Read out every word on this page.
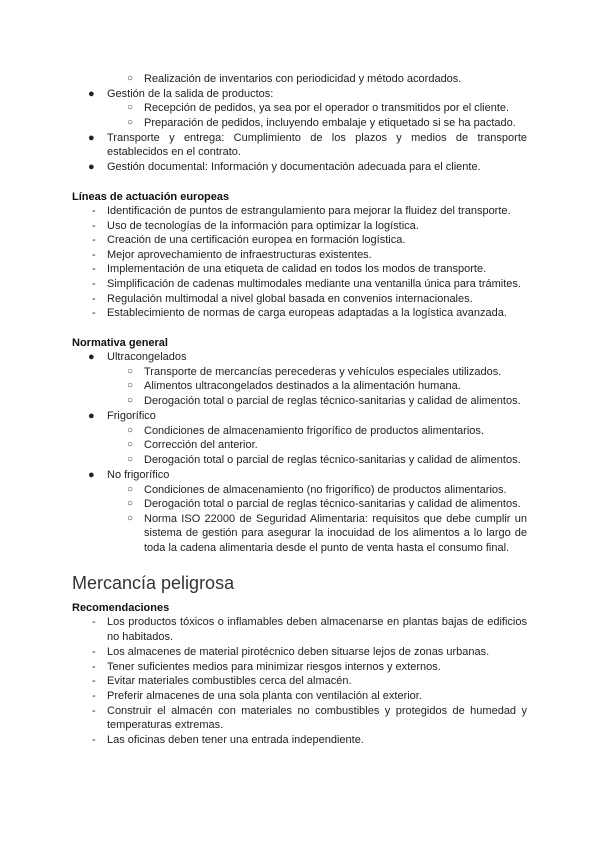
○ Realización de inventarios con periodicidad y método acordados.
● Gestión de la salida de productos:
○ Recepción de pedidos, ya sea por el operador o transmitidos por el cliente.
○ Preparación de pedidos, incluyendo embalaje y etiquetado si se ha pactado.
● Transporte y entrega: Cumplimiento de los plazos y medios de transporte
establecidos en el contrato.
● Gestión documental: Información y documentación adecuada para el cliente.
Líneas de actuación europeas
- Identificación de puntos de estrangulamiento para mejorar la fluidez del transporte.
- Uso de tecnologías de la información para optimizar la logística.
- Creación de una certificación europea en formación logística.
- Mejor aprovechamiento de infraestructuras existentes.
- Implementación de una etiqueta de calidad en todos los modos de transporte.
- Simplificación de cadenas multimodales mediante una ventanilla única para trámites.
- Regulación multimodal a nivel global basada en convenios internacionales.
- Establecimiento de normas de carga europeas adaptadas a la logística avanzada.
Normativa general
● Ultracongelados
○ Transporte de mercancías perecederas y vehículos especiales utilizados.
○ Alimentos ultracongelados destinados a la alimentación humana.
○ Derogación total o parcial de reglas técnico-sanitarias y calidad de alimentos.
● Frigorífico
○ Condiciones de almacenamiento frigorífico de productos alimentarios.
○ Corrección del anterior.
○ Derogación total o parcial de reglas técnico-sanitarias y calidad de alimentos.
● No frigorífico
○ Condiciones de almacenamiento (no frigorífico) de productos alimentarios.
○ Derogación total o parcial de reglas técnico-sanitarias y calidad de alimentos.
○ Norma ISO 22000 de Seguridad Alimentaria: requisitos que debe cumplir un
sistema de gestión para asegurar la inocuidad de los alimentos a lo largo de
toda la cadena alimentaria desde el punto de venta hasta el consumo final.
Mercancía peligrosa
Recomendaciones
- Los productos tóxicos o inflamables deben almacenarse en plantas bajas de edificios
no habitados.
- Los almacenes de material pirotécnico deben situarse lejos de zonas urbanas.
- Tener suficientes medios para minimizar riesgos internos y externos.
- Evitar materiales combustibles cerca del almacén.
- Preferir almacenes de una sola planta con ventilación al exterior.
- Construir el almacén con materiales no combustibles y protegidos de humedad y
temperaturas extremas.
- Las oficinas deben tener una entrada independiente.
